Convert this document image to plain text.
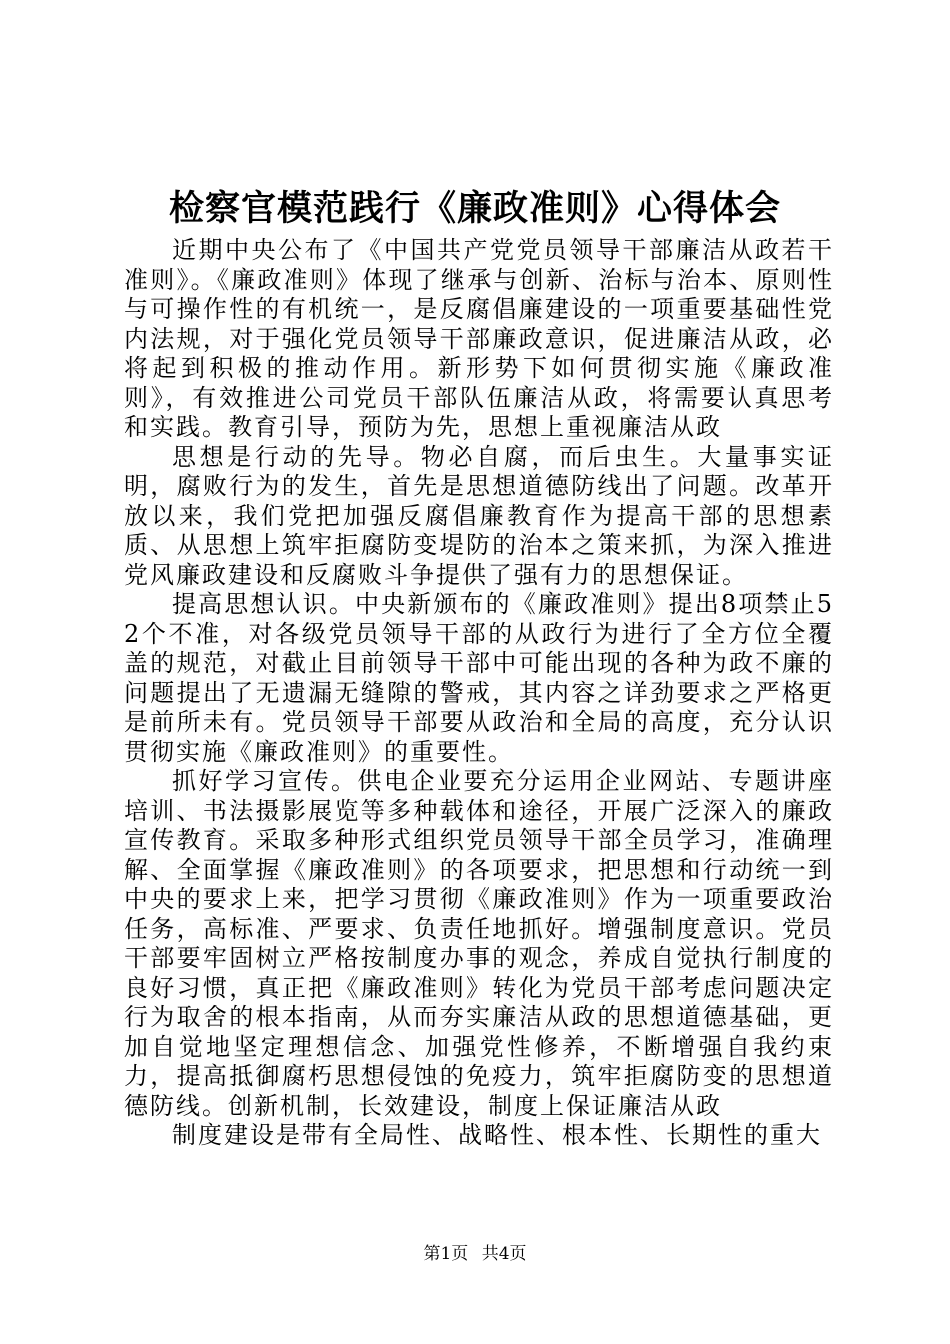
检察官模范践行《廉政准则》心得体会

近期中央公布了《中国共产党党员领导干部廉洁从政若干准则》。《廉政准则》体现了继承与创新、治标与治本、原则性与可操作性的有机统一，是反腐倡廉建设的一项重要基础性党内法规，对于强化党员领导干部廉政意识，促进廉洁从政，必将起到积极的推动作用。新形势下如何贯彻实施《廉政准则》，有效推进公司党员干部队伍廉洁从政，将需要认真思考和实践。教育引导，预防为先，思想上重视廉洁从政

思想是行动的先导。物必自腐，而后虫生。大量事实证明，腐败行为的发生，首先是思想道德防线出了问题。改革开放以来，我们党把加强反腐倡廉教育作为提高干部的思想素质、从思想上筑牢拒腐防变堤防的治本之策来抓，为深入推进党风廉政建设和反腐败斗争提供了强有力的思想保证。

提高思想认识。中央新颁布的《廉政准则》提出8项禁止52个不准，对各级党员领导干部的从政行为进行了全方位全覆盖的规范，对截止目前领导干部中可能出现的各种为政不廉的问题提出了无遗漏无缝隙的警戒，其内容之详劲要求之严格更是前所未有。党员领导干部要从政治和全局的高度，充分认识贯彻实施《廉政准则》的重要性。

抓好学习宣传。供电企业要充分运用企业网站、专题讲座培训、书法摄影展览等多种载体和途径，开展广泛深入的廉政宣传教育。采取多种形式组织党员领导干部全员学习，准确理解、全面掌握《廉政准则》的各项要求，把思想和行动统一到中央的要求上来，把学习贯彻《廉政准则》作为一项重要政治任务，高标准、严要求、负责任地抓好。增强制度意识。党员干部要牢固树立严格按制度办事的观念，养成自觉执行制度的良好习惯，真正把《廉政准则》转化为党员干部考虑问题决定行为取舍的根本指南，从而夯实廉洁从政的思想道德基础，更加自觉地坚定理想信念、加强党性修养，不断增强自我约束力，提高抵御腐朽思想侵蚀的免疫力，筑牢拒腐防变的思想道德防线。创新机制，长效建设，制度上保证廉洁从政

制度建设是带有全局性、战略性、根本性、长期性的重大

第1页 共4页
